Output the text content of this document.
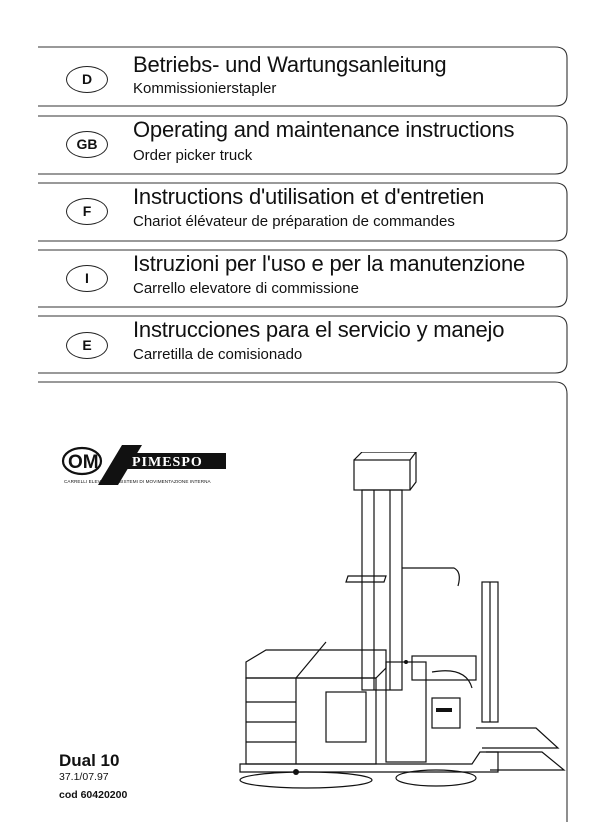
D
Betriebs- und Wartungsanleitung
Kommissionierstapler
GB
Operating and maintenance instructions
Order picker truck
F
Instructions d'utilisation et d'entretien
Chariot élévateur de préparation de commandes
I
Istruzioni per l'uso e per la manutenzione
Carrello elevatore di commissione
E
Instrucciones para el servicio y manejo
Carretilla de comisionado
OM PIMESPO
CARRELLI ELEVATORI · SISTEMI DI MOVIMENTAZIONE INTERNA
Dual 10
37.1/07.97
cod 60420200
